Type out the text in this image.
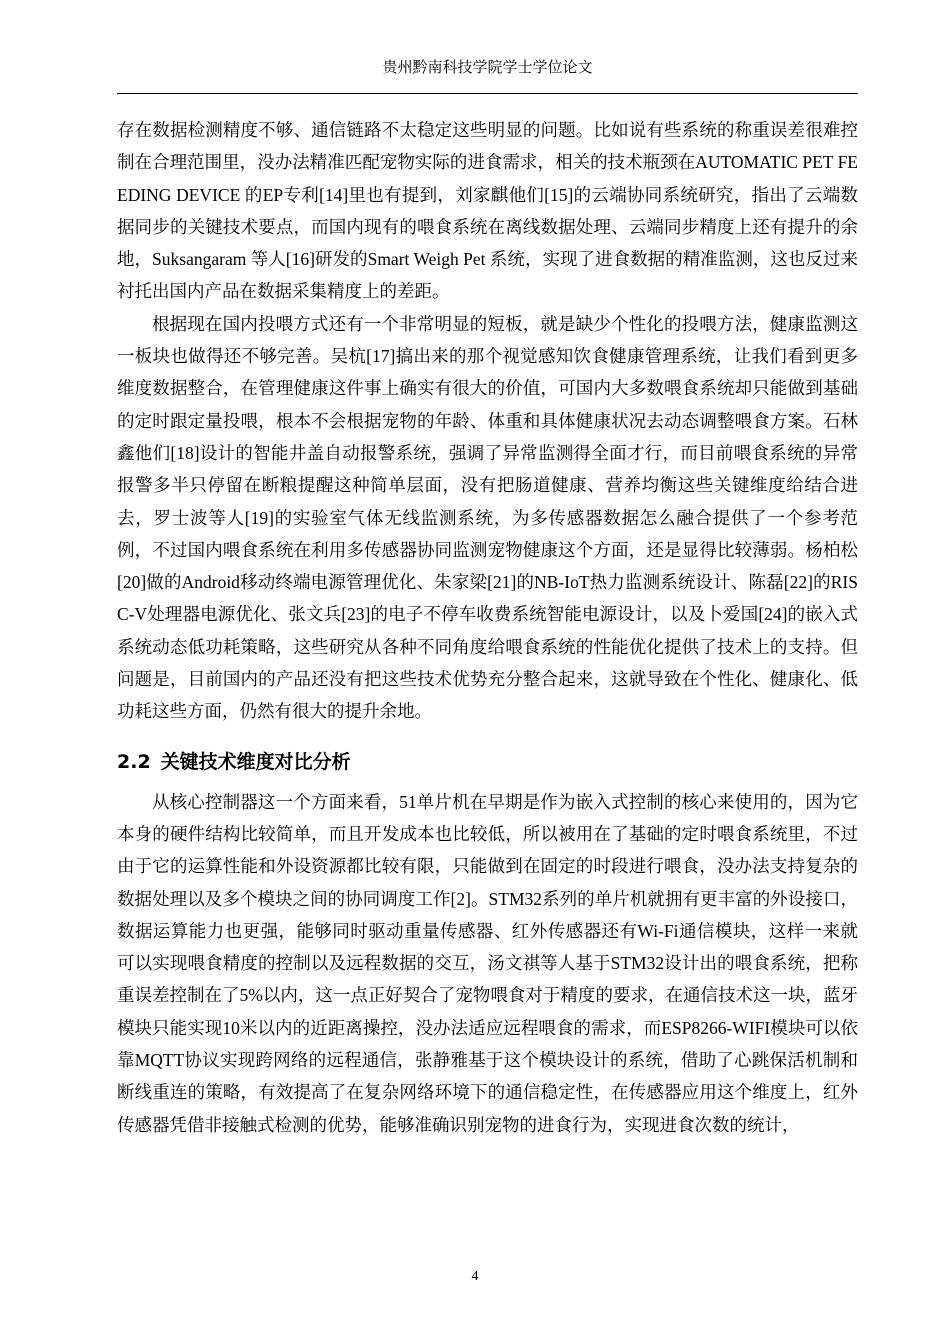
贵州黔南科技学院学士学位论文

存在数据检测精度不够、通信链路不太稳定这些明显的问题。比如说有些系统的称重误差很难控制在合理范围里，没办法精准匹配宠物实际的进食需求，相关的技术瓶颈在AUTOMATIC PET FEEDING DEVICE 的EP专利[14]里也有提到，刘家麒他们[15]的云端协同系统研究，指出了云端数据同步的关键技术要点，而国内现有的喂食系统在离线数据处理、云端同步精度上还有提升的余地，Suksangaram 等人[16]研发的Smart Weigh Pet 系统，实现了进食数据的精准监测，这也反过来衬托出国内产品在数据采集精度上的差距。

根据现在国内投喂方式还有一个非常明显的短板，就是缺少个性化的投喂方法，健康监测这一板块也做得还不够完善。吴杭[17]搞出来的那个视觉感知饮食健康管理系统，让我们看到更多维度数据整合，在管理健康这件事上确实有很大的价值，可国内大多数喂食系统却只能做到基础的定时跟定量投喂，根本不会根据宠物的年龄、体重和具体健康状况去动态调整喂食方案。石林鑫他们[18]设计的智能井盖自动报警系统，强调了异常监测得全面才行，而目前喂食系统的异常报警多半只停留在断粮提醒这种简单层面，没有把肠道健康、营养均衡这些关键维度给结合进去，罗士波等人[19]的实验室气体无线监测系统，为多传感器数据怎么融合提供了一个参考范例，不过国内喂食系统在利用多传感器协同监测宠物健康这个方面，还是显得比较薄弱。杨柏松[20]做的Android移动终端电源管理优化、朱家梁[21]的NB-IoT热力监测系统设计、陈磊[22]的RISC-V处理器电源优化、张文兵[23]的电子不停车收费系统智能电源设计，以及卜爱国[24]的嵌入式系统动态低功耗策略，这些研究从各种不同角度给喂食系统的性能优化提供了技术上的支持。但问题是，目前国内的产品还没有把这些技术优势充分整合起来，这就导致在个性化、健康化、低功耗这些方面，仍然有很大的提升余地。

2.2 关键技术维度对比分析

从核心控制器这一个方面来看，51单片机在早期是作为嵌入式控制的核心来使用的，因为它本身的硬件结构比较简单，而且开发成本也比较低，所以被用在了基础的定时喂食系统里，不过由于它的运算性能和外设资源都比较有限，只能做到在固定的时段进行喂食，没办法支持复杂的数据处理以及多个模块之间的协同调度工作[2]。STM32系列的单片机就拥有更丰富的外设接口，数据运算能力也更强，能够同时驱动重量传感器、红外传感器还有Wi-Fi通信模块，这样一来就可以实现喂食精度的控制以及远程数据的交互，汤文祺等人基于STM32设计出的喂食系统，把称重误差控制在了5%以内，这一点正好契合了宠物喂食对于精度的要求，在通信技术这一块，蓝牙模块只能实现10米以内的近距离操控，没办法适应远程喂食的需求，而ESP8266-WIFI模块可以依靠MQTT协议实现跨网络的远程通信，张静雅基于这个模块设计的系统，借助了心跳保活机制和断线重连的策略，有效提高了在复杂网络环境下的通信稳定性，在传感器应用这个维度上，红外传感器凭借非接触式检测的优势，能够准确识别宠物的进食行为，实现进食次数的统计，

4
